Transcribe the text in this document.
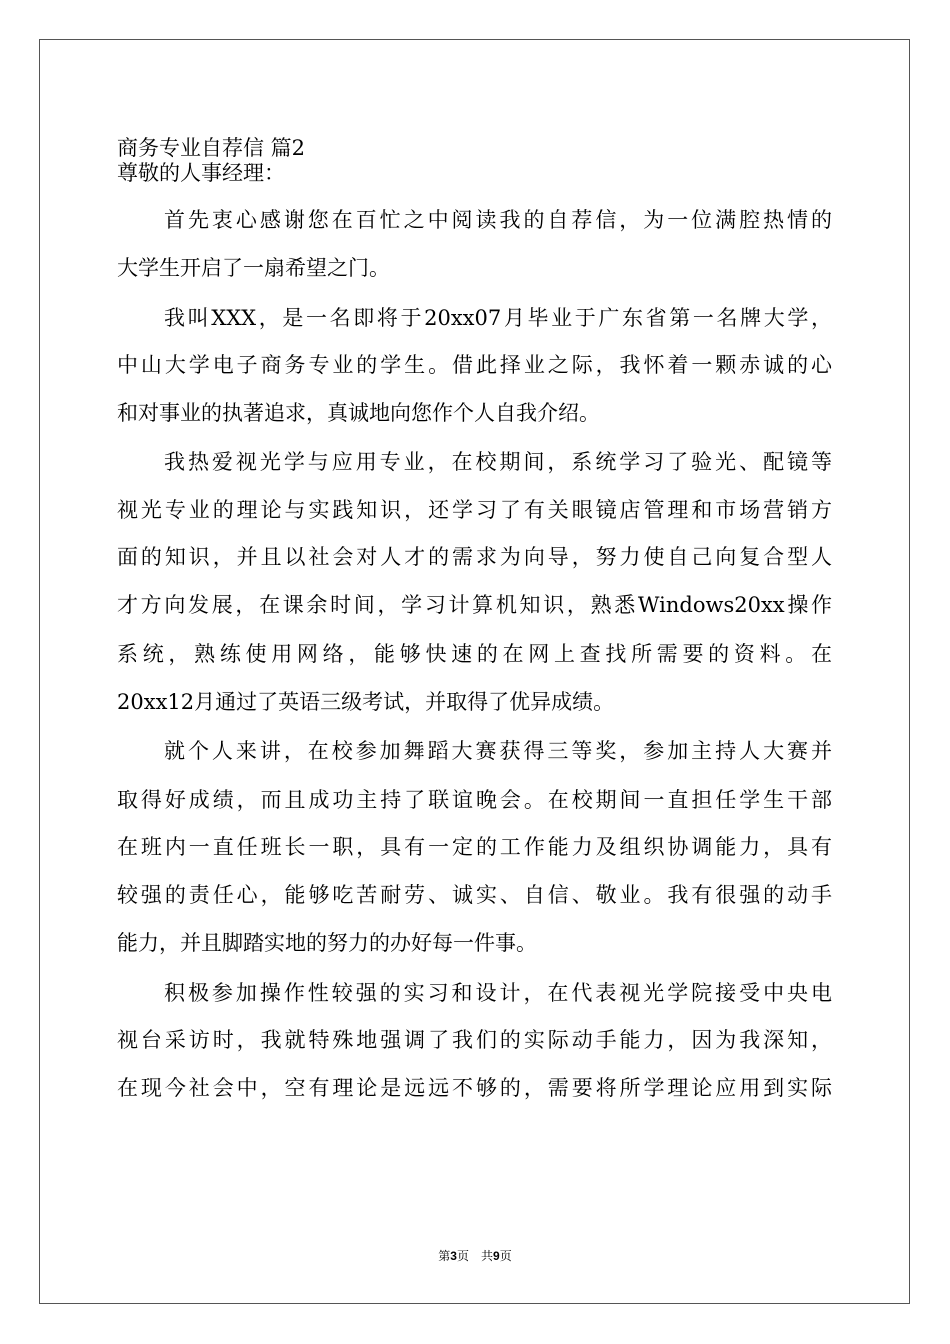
商务专业自荐信 篇2
尊敬的人事经理：
首先衷心感谢您在百忙之中阅读我的自荐信，为一位满腔热情的
大学生开启了一扇希望之门。
我叫XXX，是一名即将于20xx07月毕业于广东省第一名牌大学，
中山大学电子商务专业的学生。借此择业之际，我怀着一颗赤诚的心
和对事业的执著追求，真诚地向您作个人自我介绍。
我热爱视光学与应用专业，在校期间，系统学习了验光、配镜等
视光专业的理论与实践知识，还学习了有关眼镜店管理和市场营销方
面的知识，并且以社会对人才的需求为向导，努力使自己向复合型人
才方向发展，在课余时间，学习计算机知识，熟悉Windows20xx操作
系统，熟练使用网络，能够快速的在网上查找所需要的资料。在
20xx12月通过了英语三级考试，并取得了优异成绩。
就个人来讲，在校参加舞蹈大赛获得三等奖，参加主持人大赛并
取得好成绩，而且成功主持了联谊晚会。在校期间一直担任学生干部
在班内一直任班长一职，具有一定的工作能力及组织协调能力，具有
较强的责任心，能够吃苦耐劳、诚实、自信、敬业。我有很强的动手
能力，并且脚踏实地的努力的办好每一件事。
积极参加操作性较强的实习和设计，在代表视光学院接受中央电
视台采访时，我就特殊地强调了我们的实际动手能力，因为我深知，
在现今社会中，空有理论是远远不够的，需要将所学理论应用到实际
第3页　共9页
